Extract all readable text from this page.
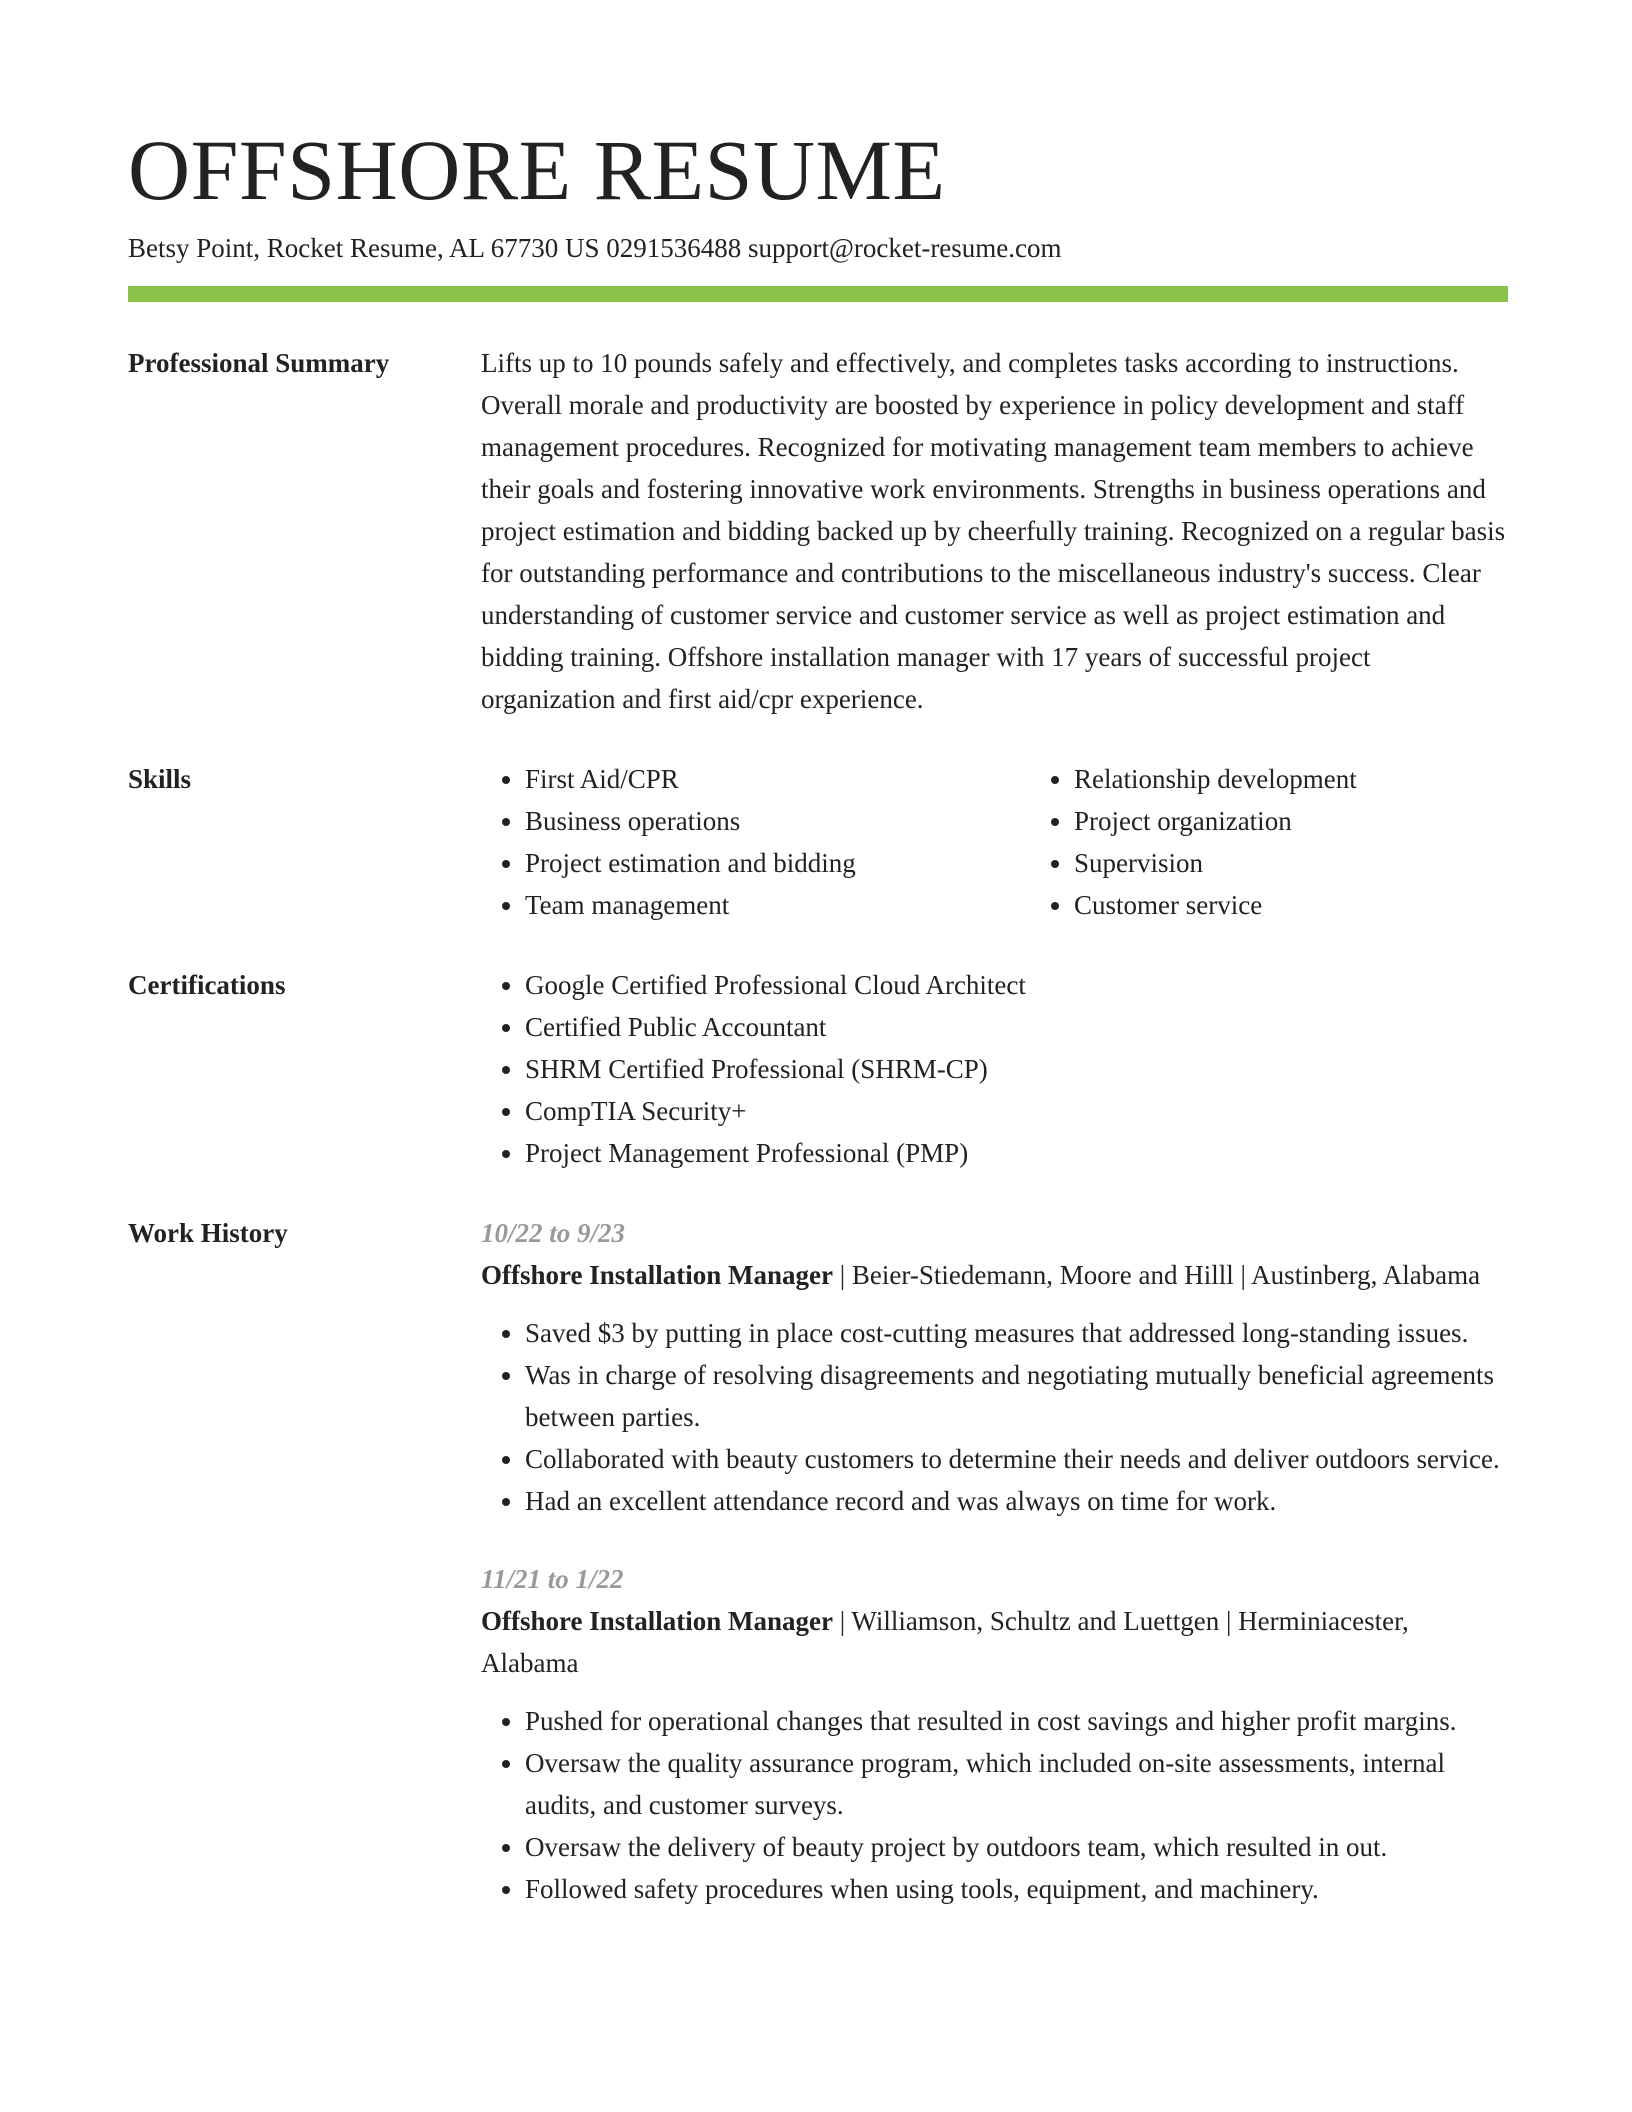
OFFSHORE RESUME
Betsy Point, Rocket Resume, AL 67730 US 0291536488 support@rocket-resume.com
Professional Summary	Lifts up to 10 pounds safely and effectively, and completes tasks according to instructions. Overall morale and productivity are boosted by experience in policy development and staff management procedures. Recognized for motivating management team members to achieve their goals and fostering innovative work environments. Strengths in business operations and project estimation and bidding backed up by cheerfully training. Recognized on a regular basis for outstanding performance and contributions to the miscellaneous industry's success. Clear understanding of customer service and customer service as well as project estimation and bidding training. Offshore installation manager with 17 years of successful project organization and first aid/cpr experience.
Skills	• First Aid/CPR
• Business operations
• Project estimation and bidding
• Team management
• Relationship development
• Project organization
• Supervision
• Customer service
Certifications	• Google Certified Professional Cloud Architect
• Certified Public Accountant
• SHRM Certified Professional (SHRM-CP)
• CompTIA Security+
• Project Management Professional (PMP)
Work History	10/22 to 9/23
Offshore Installation Manager | Beier-Stiedemann, Moore and Hilll | Austinberg, Alabama
• Saved $3 by putting in place cost-cutting measures that addressed long-standing issues.
• Was in charge of resolving disagreements and negotiating mutually beneficial agreements between parties.
• Collaborated with beauty customers to determine their needs and deliver outdoors service.
• Had an excellent attendance record and was always on time for work.
11/21 to 1/22
Offshore Installation Manager | Williamson, Schultz and Luettgen | Herminiacester, Alabama
• Pushed for operational changes that resulted in cost savings and higher profit margins.
• Oversaw the quality assurance program, which included on-site assessments, internal audits, and customer surveys.
• Oversaw the delivery of beauty project by outdoors team, which resulted in out.
• Followed safety procedures when using tools, equipment, and machinery.
